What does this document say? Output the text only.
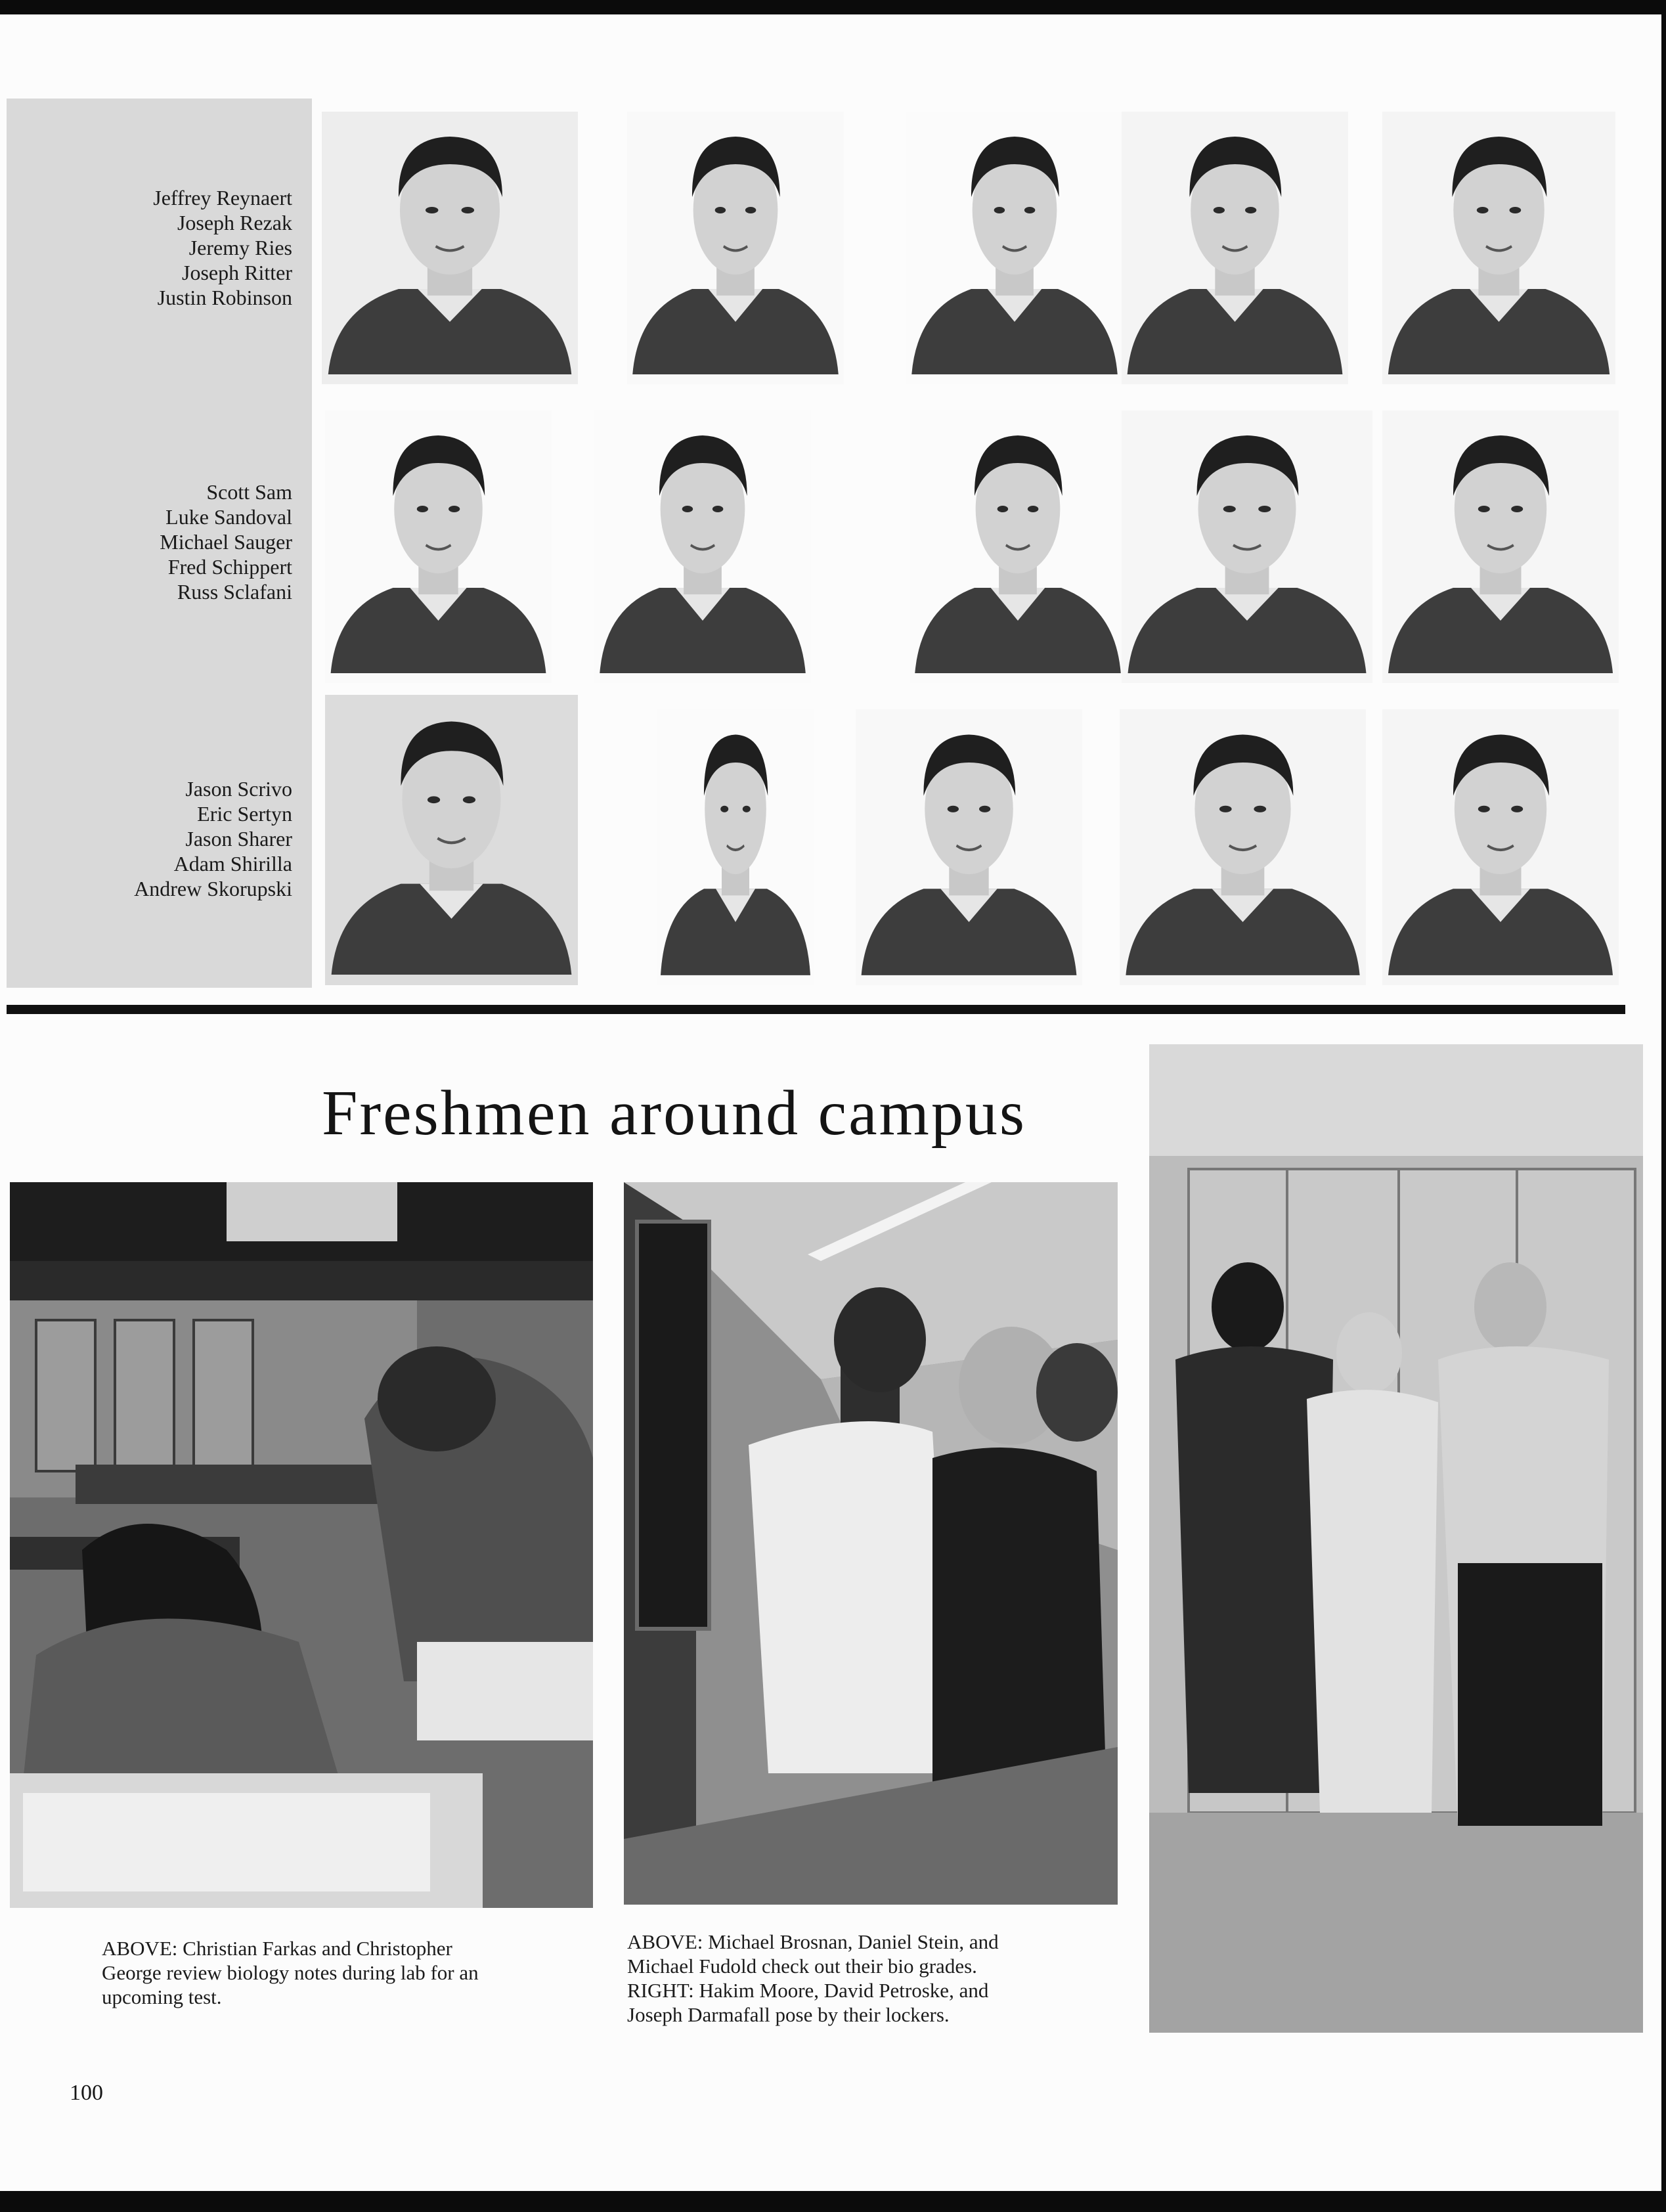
Jeffrey Reynaert
Joseph Rezak
Jeremy Ries
Joseph Ritter
Justin Robinson
Scott Sam
Luke Sandoval
Michael Sauger
Fred Schippert
Russ Sclafani
Jason Scrivo
Eric Sertyn
Jason Sharer
Adam Shirilla
Andrew Skorupski
Freshmen around campus
ABOVE: Christian Farkas and Christopher
George review biology notes during lab for an
upcoming test.
ABOVE: Michael Brosnan, Daniel Stein, and
Michael Fudold check out their bio grades.
RIGHT: Hakim Moore, David Petroske, and
Joseph Darmafall pose by their lockers.
100
